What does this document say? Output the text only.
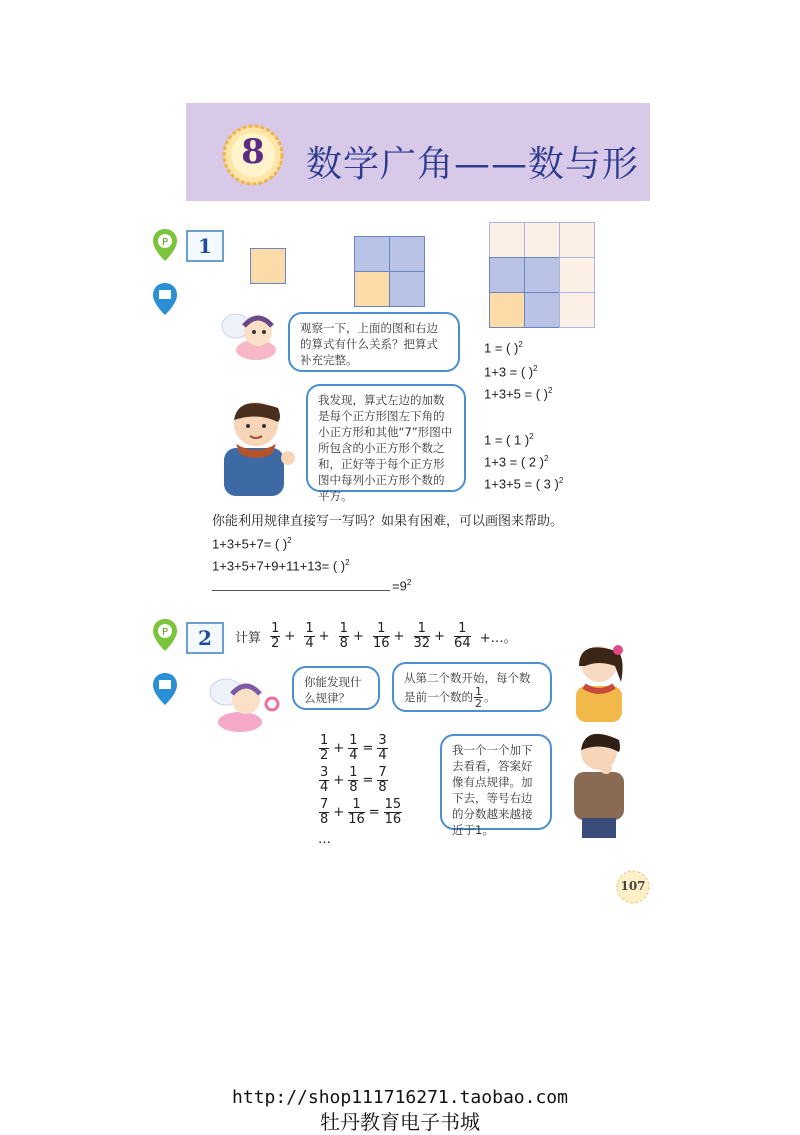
8	数学广角——数与形
P	1
观察一下，上面的图和右边的算式有什么关系？把算式补充完整。
我发现，算式左边的加数是每个正方形图左下角的小正方形和其他“7”形图中所包含的小正方形个数之和，正好等于每个正方形图中每列小正方形个数的平方。
1 = ( )$^2$
1+3 = ( )$^2$
1+3+5 = ( )$^2$
1 = ( 1 )$^2$
1+3 = ( 2 )$^2$
1+3+5 = ( 3 )$^2$
你能利用规律直接写一写吗？如果有困难，可以画图来帮助。
1+3+5+7= ( )$^2$
1+3+5+7+9+11+13= ( )$^2$
$=9^2$
P	2	计算 $\frac{1}{2} + \frac{1}{4} + \frac{1}{8} + \frac{1}{16} + \frac{1}{32} + \frac{1}{64}$ +…。
你能发现什么规律？
从第二个数开始，每个数是前一个数的 $\frac{1}{2}$ 。
我一个一个加下去看看，答案好像有点规律。加下去，等号右边的分数越来越接近于1。
$\frac{1}{2} + \frac{1}{4} = \frac{3}{4}$
$\frac{3}{4} + \frac{1}{8} = \frac{7}{8}$
$\frac{7}{8} + \frac{1}{16} = \frac{15}{16}$
…
107
http://shop111716271.taobao.com
牡丹教育电子书城
